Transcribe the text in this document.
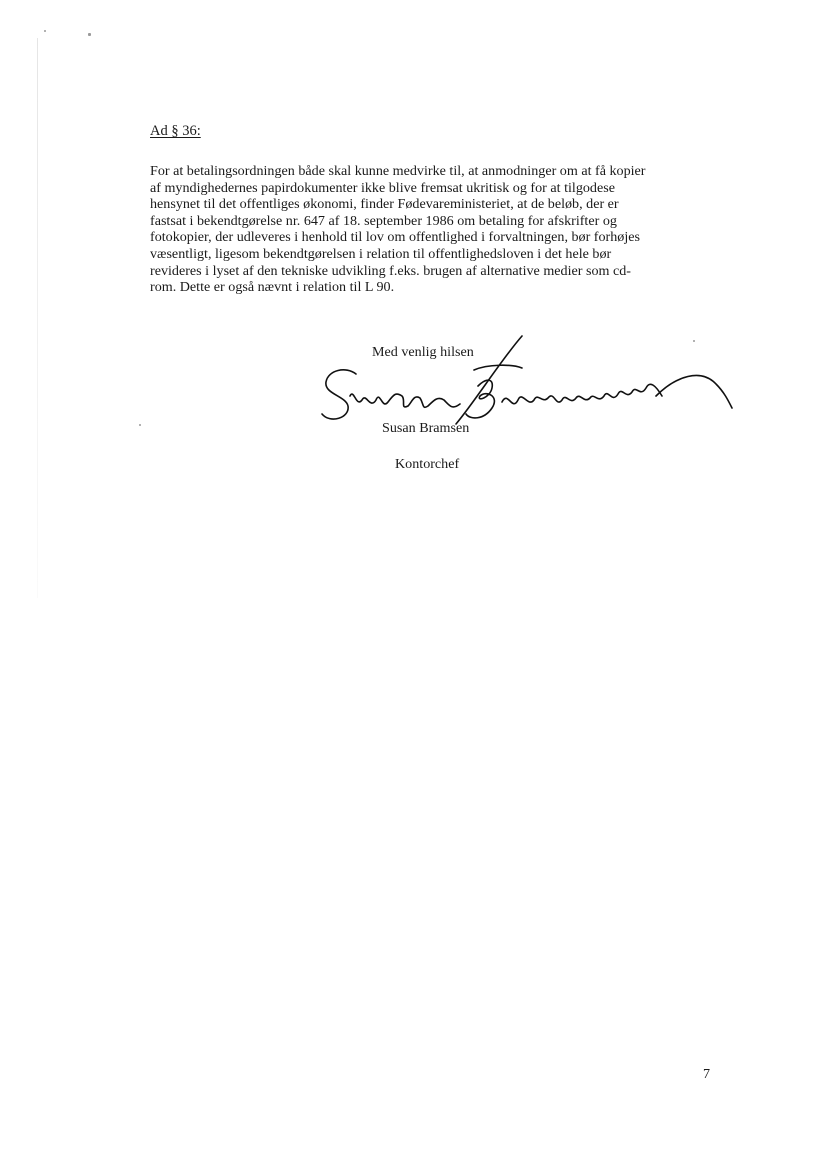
Ad § 36:
For at betalingsordningen både skal kunne medvirke til, at anmodninger om at få kopier
af myndighedernes papirdokumenter ikke blive fremsat ukritisk og for at tilgodese
hensynet til det offentliges økonomi, finder Fødevareministeriet, at de beløb, der er
fastsat i bekendtgørelse nr. 647 af 18. september 1986 om betaling for afskrifter og
fotokopier, der udleveres i henhold til lov om offentlighed i forvaltningen, bør forhøjes
væsentligt, ligesom bekendtgørelsen i relation til offentlighedsloven i det hele bør
revideres i lyset af den tekniske udvikling f.eks. brugen af alternative medier som cd-
rom. Dette er også nævnt i relation til L 90.
Med venlig hilsen
Susan Bramsen
Kontorchef
7
